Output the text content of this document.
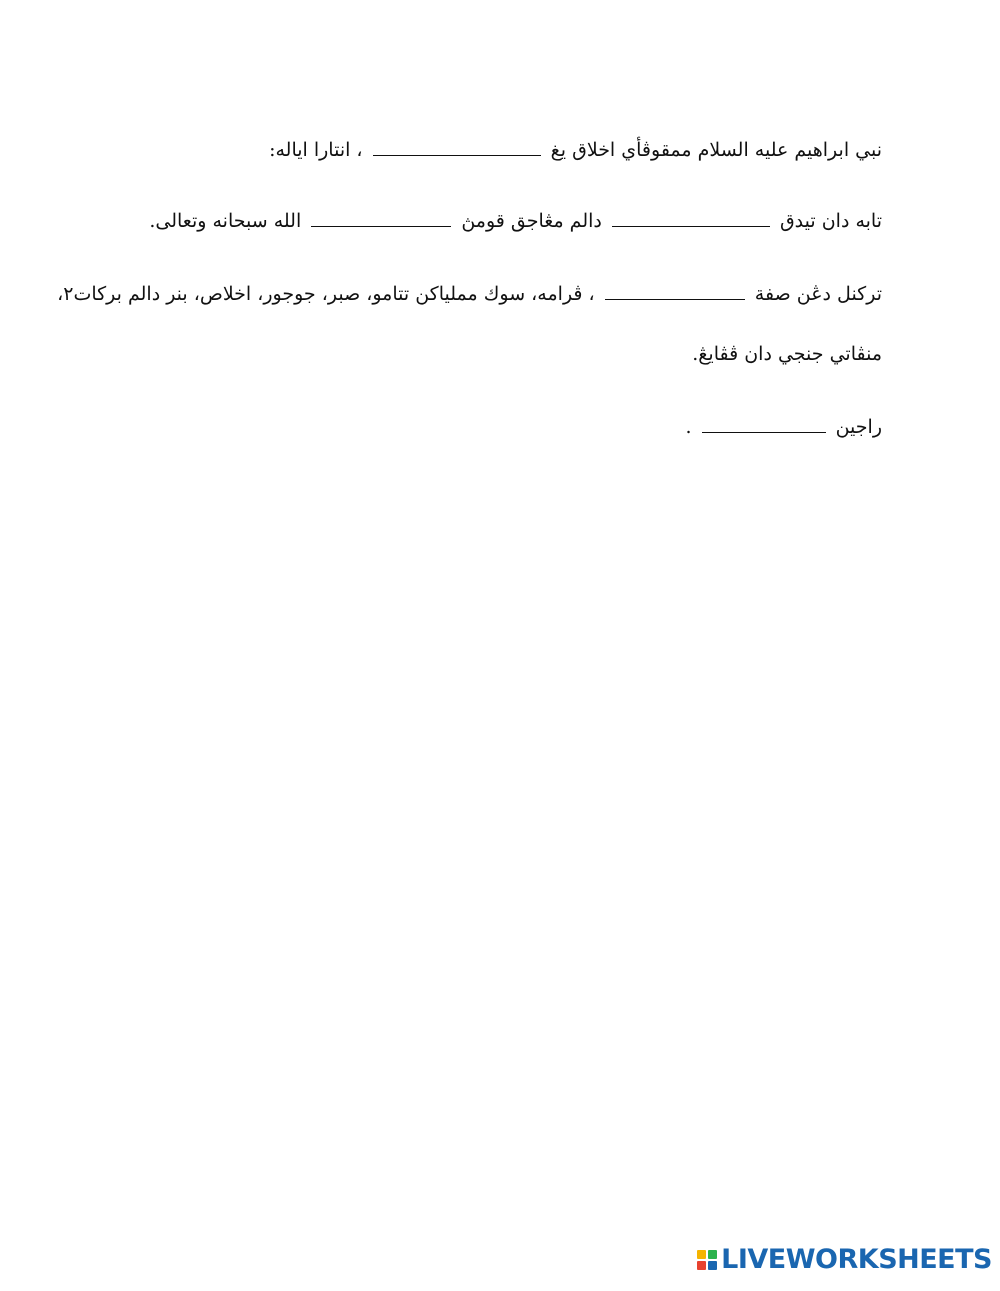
نبي ابراهيم عليه السلام ممقوڤأي اخلاق يغ  ، انتارا اياله:
تابه دان تيدق  دالم مڠاجق قومڽ  الله سبحانه وتعالى.
تركنل دڠن صفة  ، ڤرامه، سوك مملياكن تتامو، صبر، جوجور، اخلاص، بنر دالم بركات٢،
منڤاتي جنجي دان ڤڤايڠ.
راجين  .
LIVEWORKSHEETS
